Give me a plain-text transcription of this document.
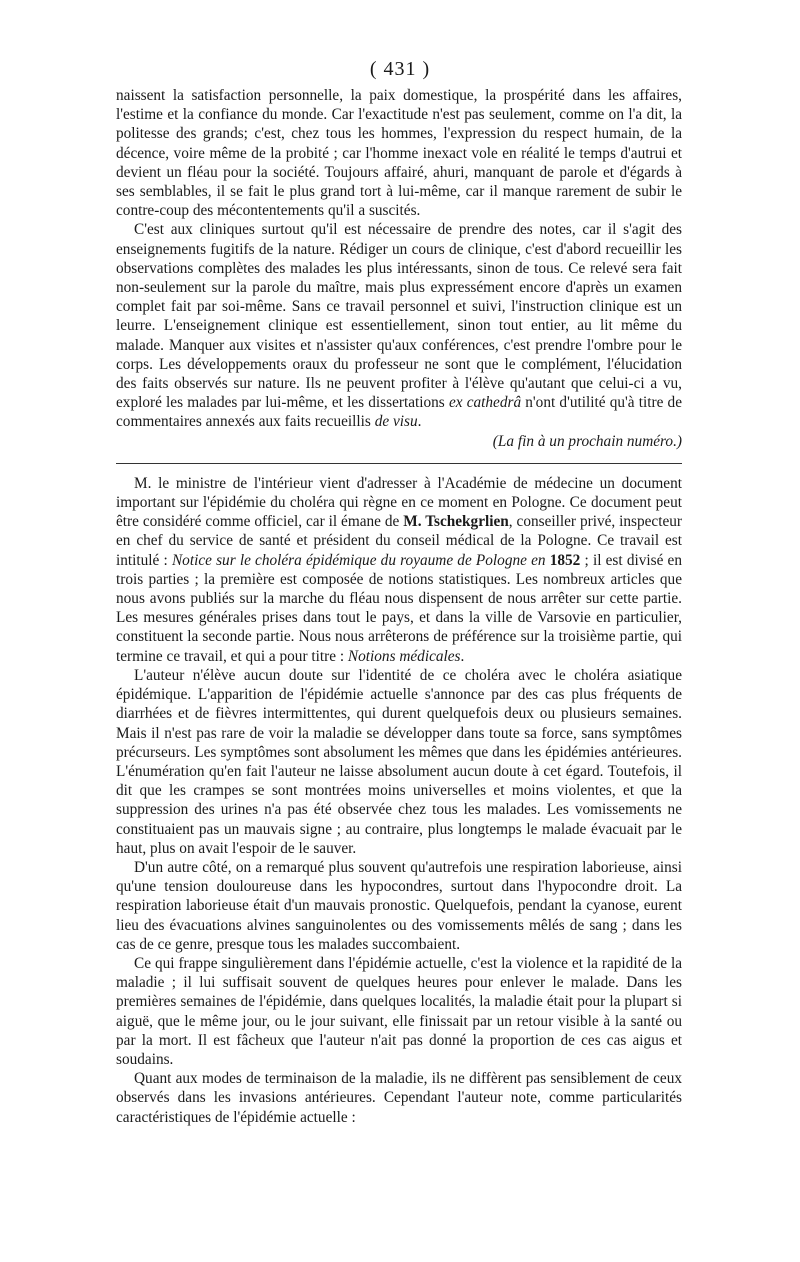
( 431 )

naissent la satisfaction personnelle, la paix domestique, la prospérité dans les affaires, l'estime et la confiance du monde. Car l'exactitude n'est pas seulement, comme on l'a dit, la politesse des grands; c'est, chez tous les hommes, l'expression du respect humain, de la décence, voire même de la probité ; car l'homme inexact vole en réalité le temps d'autrui et devient un fléau pour la société. Toujours affairé, ahuri, manquant de parole et d'égards à ses semblables, il se fait le plus grand tort à lui-même, car il manque rarement de subir le contre-coup des mécontentements qu'il a suscités.

C'est aux cliniques surtout qu'il est nécessaire de prendre des notes, car il s'agit des enseignements fugitifs de la nature. Rédiger un cours de clinique, c'est d'abord recueillir les observations complètes des malades les plus intéressants, sinon de tous. Ce relevé sera fait non-seulement sur la parole du maître, mais plus expressément encore d'après un examen complet fait par soi-même. Sans ce travail personnel et suivi, l'instruction clinique est un leurre. L'enseignement clinique est essentiellement, sinon tout entier, au lit même du malade. Manquer aux visites et n'assister qu'aux conférences, c'est prendre l'ombre pour le corps. Les développements oraux du professeur ne sont que le complément, l'élucidation des faits observés sur nature. Ils ne peuvent profiter à l'élève qu'autant que celui-ci a vu, exploré les malades par lui-même, et les dissertations ex cathedrâ n'ont d'utilité qu'à titre de commentaires annexés aux faits recueillis de visu.

(La fin à un prochain numéro.)

M. le ministre de l'intérieur vient d'adresser à l'Académie de médecine un document important sur l'épidémie du choléra qui règne en ce moment en Pologne. Ce document peut être considéré comme officiel, car il émane de M. Tschekgrlien, conseiller privé, inspecteur en chef du service de santé et président du conseil médical de la Pologne. Ce travail est intitulé : Notice sur le choléra épidémique du royaume de Pologne en 1852 ; il est divisé en trois parties ; la première est composée de notions statistiques. Les nombreux articles que nous avons publiés sur la marche du fléau nous dispensent de nous arrêter sur cette partie. Les mesures générales prises dans tout le pays, et dans la ville de Varsovie en particulier, constituent la seconde partie. Nous nous arrêterons de préférence sur la troisième partie, qui termine ce travail, et qui a pour titre : Notions médicales.

L'auteur n'élève aucun doute sur l'identité de ce choléra avec le choléra asiatique épidémique. L'apparition de l'épidémie actuelle s'annonce par des cas plus fréquents de diarrhées et de fièvres intermittentes, qui durent quelquefois deux ou plusieurs semaines. Mais il n'est pas rare de voir la maladie se développer dans toute sa force, sans symptômes précurseurs. Les symptômes sont absolument les mêmes que dans les épidémies antérieures. L'énumération qu'en fait l'auteur ne laisse absolument aucun doute à cet égard. Toutefois, il dit que les crampes se sont montrées moins universelles et moins violentes, et que la suppression des urines n'a pas été observée chez tous les malades. Les vomissements ne constituaient pas un mauvais signe ; au contraire, plus longtemps le malade évacuait par le haut, plus on avait l'espoir de le sauver.

D'un autre côté, on a remarqué plus souvent qu'autrefois une respiration laborieuse, ainsi qu'une tension douloureuse dans les hypocondres, surtout dans l'hypocondre droit. La respiration laborieuse était d'un mauvais pronostic. Quelquefois, pendant la cyanose, eurent lieu des évacuations alvines sanguinolentes ou des vomissements mêlés de sang ; dans les cas de ce genre, presque tous les malades succombaient.

Ce qui frappe singulièrement dans l'épidémie actuelle, c'est la violence et la rapidité de la maladie ; il lui suffisait souvent de quelques heures pour enlever le malade. Dans les premières semaines de l'épidémie, dans quelques localités, la maladie était pour la plupart si aiguë, que le même jour, ou le jour suivant, elle finissait par un retour visible à la santé ou par la mort. Il est fâcheux que l'auteur n'ait pas donné la proportion de ces cas aigus et soudains.

Quant aux modes de terminaison de la maladie, ils ne diffèrent pas sensiblement de ceux observés dans les invasions antérieures. Cependant l'auteur note, comme particularités caractéristiques de l'épidémie actuelle :
